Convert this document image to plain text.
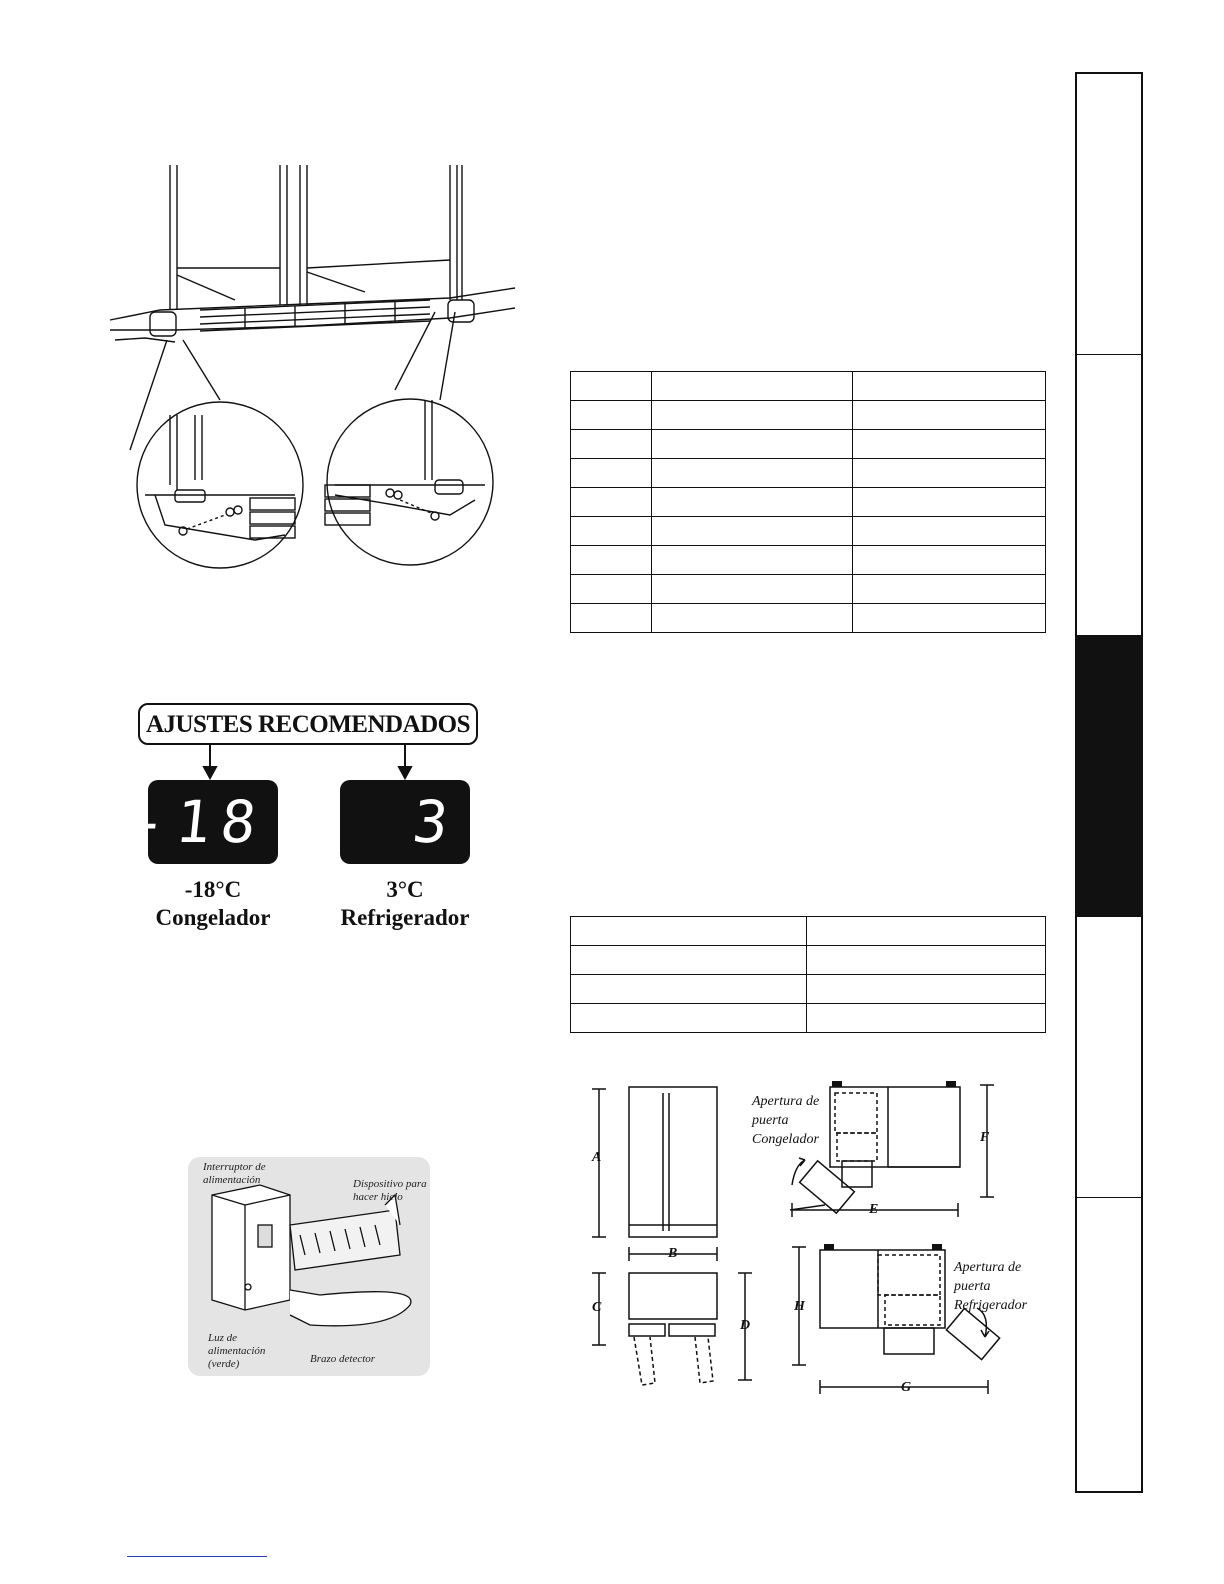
AJUSTES RECOMENDADOS
-18 3
-18°C
Congelador
3°C
Refrigerador

Interruptor de alimentación	Dispositivo para hacer hielo
Luz de alimentación (verde)	Brazo detector
A
B
C
D
E
F
G
H
Apertura de puerta Congelador
Apertura de puerta Refrigerador
